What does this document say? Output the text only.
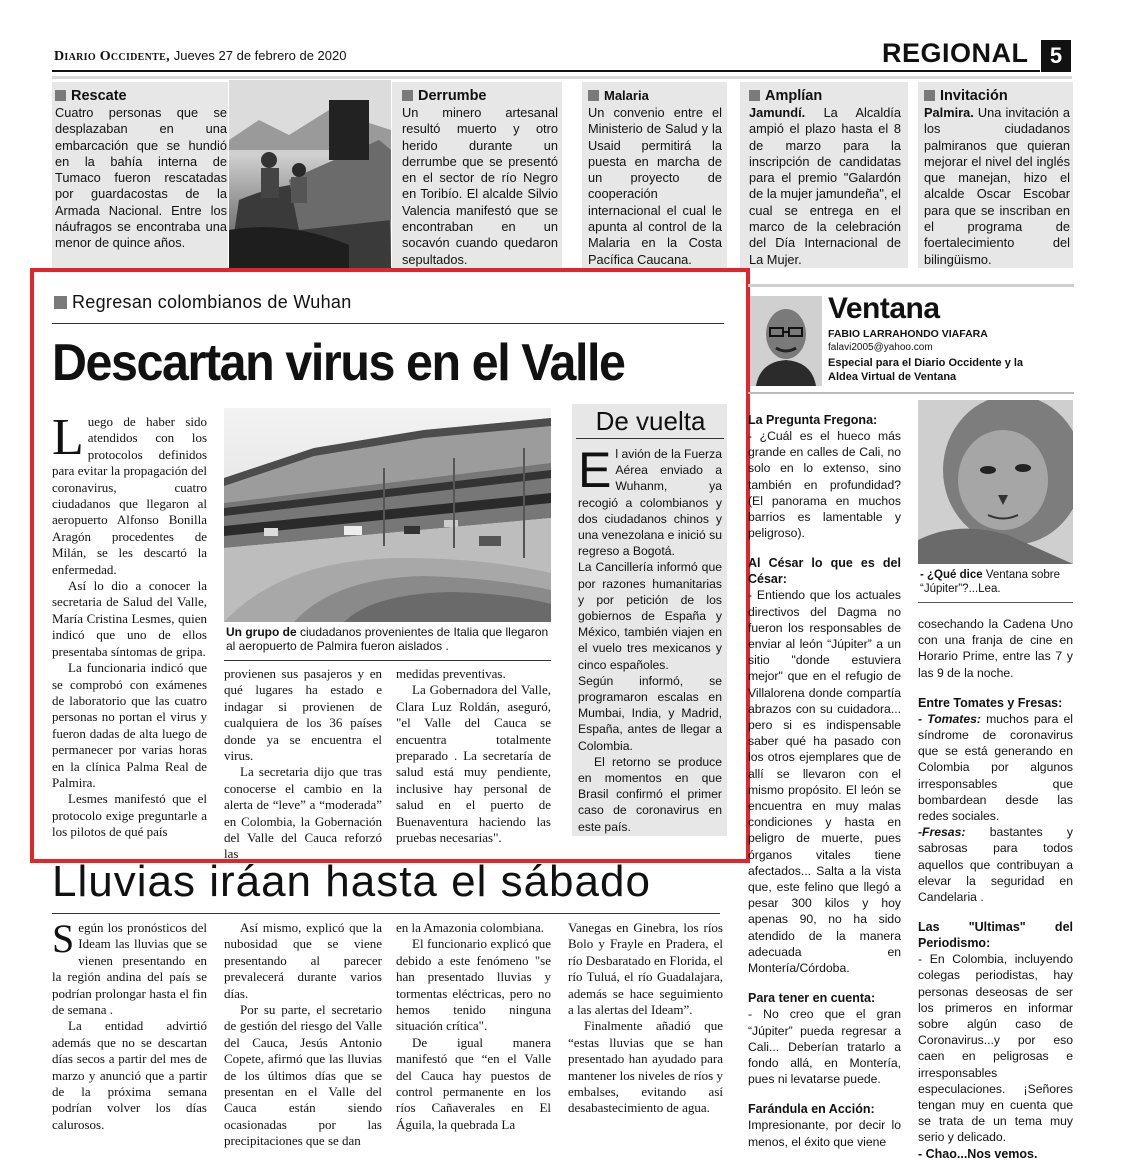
Diario Occidente, Jueves 27 de febrero de 2020	REGIONAL 5
Rescate

Cuatro personas que se desplazaban en una embarcación que se hundió en la bahía interna de Tumaco fueron rescatadas por guardacostas de la Armada Nacional. Entre los náufragos se encontraba una menor de quince años.

Derrumbe

Un minero artesanal resultó muerto y otro herido durante un derrumbe que se presentó en el sector de río Negro en Toribío. El alcalde Silvio Valencia manifestó que se encontraban en un socavón cuando quedaron sepultados.

Malaria

Un convenio entre el Ministerio de Salud y la Usaid permitirá la puesta en marcha de un proyecto de cooperación internacional el cual le apunta al control de la Malaria en la Costa Pacífica Caucana.

Amplían

Jamundí. La Alcaldía ampió el plazo hasta el 8 de marzo para la inscripción de candidatas para el premio "Galardón de la mujer jamundeña", el cual se entrega en el marco de la celebración del Día Internacional de La Mujer.

Invitación

Palmira. Una invitación a los ciudadanos palmiranos que quieran mejorar el nivel del inglés que manejan, hizo el alcalde Oscar Escobar para que se inscriban en el programa de foertalecimiento del bilingüismo.

Regresan colombianos de Wuhan
Descartan virus en el Valle

Luego de haber sido atendidos con los protocolos definidos para evitar la propagación del coronavirus, cuatro ciudadanos que llegaron al aeropuerto Alfonso Bonilla Aragón procedentes de Milán, se les descartó la enfermedad.

Así lo dio a conocer la secretaria de Salud del Valle, María Cristina Lesmes, quien indicó que uno de ellos presentaba síntomas de gripa.

La funcionaria indicó que se comprobó con exámenes de laboratorio que las cuatro personas no portan el virus y fueron dadas de alta luego de permanecer por varias horas en la clínica Palma Real de Palmira.

Lesmes manifestó que el protocolo exige preguntarle a los pilotos de qué país

Un grupo de ciudadanos provenientes de Italia que llegaron al aeropuerto de Palmira fueron aislados .

provienen sus pasajeros y en qué lugares ha estado e indagar si provienen de cualquiera de los 36 países donde ya se encuentra el virus.

La secretaria dijo que tras conocerse el cambio en la alerta de “leve” a “moderada” en Colombia, la Gobernación del Valle del Cauca reforzó las

medidas preventivas.

La Gobernadora del Valle, Clara Luz Roldán, aseguró, "el Valle del Cauca se encuentra totalmente preparado . La secretaría de salud está muy pendiente, inclusive hay personal de salud en el puerto de Buenaventura haciendo las pruebas necesarias".

De vuelta

El avión de la Fuerza Aérea enviado a Wuhanm, ya recogió a colombianos y dos ciudadanos chinos y una venezolana e inició su regreso a Bogotá.

La Cancillería informó que por razones humanitarias y por petición de los gobiernos de España y México, también viajen en el vuelo tres mexicanos y cinco españoles.

Según informó, se programaron escalas en Mumbai, India, y Madrid, España, antes de llegar a Colombia.

El retorno se produce en momentos en que Brasil confirmó el primer caso de coronavirus en este país.

Lluvias iráan hasta el sábado

Según los pronósticos del Ideam las lluvias que se vienen presentando en la región andina del país se podrían prolongar hasta el fin de semana .

La entidad advirtió además que no se descartan días secos a partir del mes de marzo y anunció que a partir de la próxima semana podrían volver los días calurosos.

Así mismo, explicó que la nubosidad que se viene presentando al parecer prevalecerá durante varios días.

Por su parte, el secretario de gestión del riesgo del Valle del Cauca, Jesús Antonio Copete, afirmó que las lluvias de los últimos días que se presentan en el Valle del Cauca están siendo ocasionadas por las precipitaciones que se dan

en la Amazonia colombiana.

El funcionario explicó que debido a este fenómeno "se han presentado lluvias y tormentas eléctricas, pero no hemos tenido ninguna situación crítica".

De igual manera manifestó que “en el Valle del Cauca hay puestos de control permanente en los ríos Cañaverales en El Águila, la quebrada La

Vanegas en Ginebra, los ríos Bolo y Frayle en Pradera, el río Desbaratado en Florida, el río Tuluá, el río Guadalajara, además se hace seguimiento a las alertas del Ideam”.

Finalmente añadió que “estas lluvias que se han presentado han ayudado para mantener los niveles de ríos y embalses, evitando así desabastecimiento de agua.

Ventana
FABIO LARRAHONDO VIAFARA
falavi2005@yahoo.com
Especial para el Diario Occidente y la
Aldea Virtual de Ventana
- ¿Qué dice Ventana sobre “Júpiter”?...Lea.
La Pregunta Fregona:

- ¿Cuál es el hueco más grande en calles de Cali, no solo en lo extenso, sino también en profundidad? (El panorama en muchos barrios es lamentable y peligroso).

Al César lo que es del César:

- Entiendo que los actuales directivos del Dagma no fueron los responsables de enviar al león “Júpiter” a un sitio "donde estuviera mejor" que en el refugio de Villalorena donde compartía abrazos con su cuidadora... pero si es indispensable saber qué ha pasado con los otros ejemplares que de allí se llevaron con el mismo propósito. El león se encuentra en muy malas condiciones y hasta en peligro de muerte, pues órganos vitales tiene afectados... Salta a la vista que, este felino que llegó a pesar 300 kilos y hoy apenas 90, no ha sido atendido de la manera adecuada en Montería/Córdoba.

Para tener en cuenta:

- No creo que el gran “Júpiter” pueda regresar a Cali... Deberían tratarlo a fondo allá, en Montería, pues ni levatarse puede.

Farándula en Acción:

Impresionante, por decir lo menos, el éxito que viene

cosechando la Cadena Uno con una franja de cine en Horario Prime, entre las 7 y las 9 de la noche.

Entre Tomates y Fresas:

- Tomates: muchos para el síndrome de coronavirus que se está generando en Colombia por algunos irresponsables que bombardean desde las redes sociales.

-Fresas: bastantes y sabrosas para todos aquellos que contribuyan a elevar la seguridad en Candelaria .

Las "Ultimas" del Periodismo:

- En Colombia, incluyendo colegas periodistas, hay personas deseosas de ser los primeros en informar sobre algún caso de Coronavirus...y por eso caen en peligrosas e irresponsables especulaciones. ¡Señores tengan muy en cuenta que se trata de un tema muy serio y delicado.

- Chao...Nos vemos.
